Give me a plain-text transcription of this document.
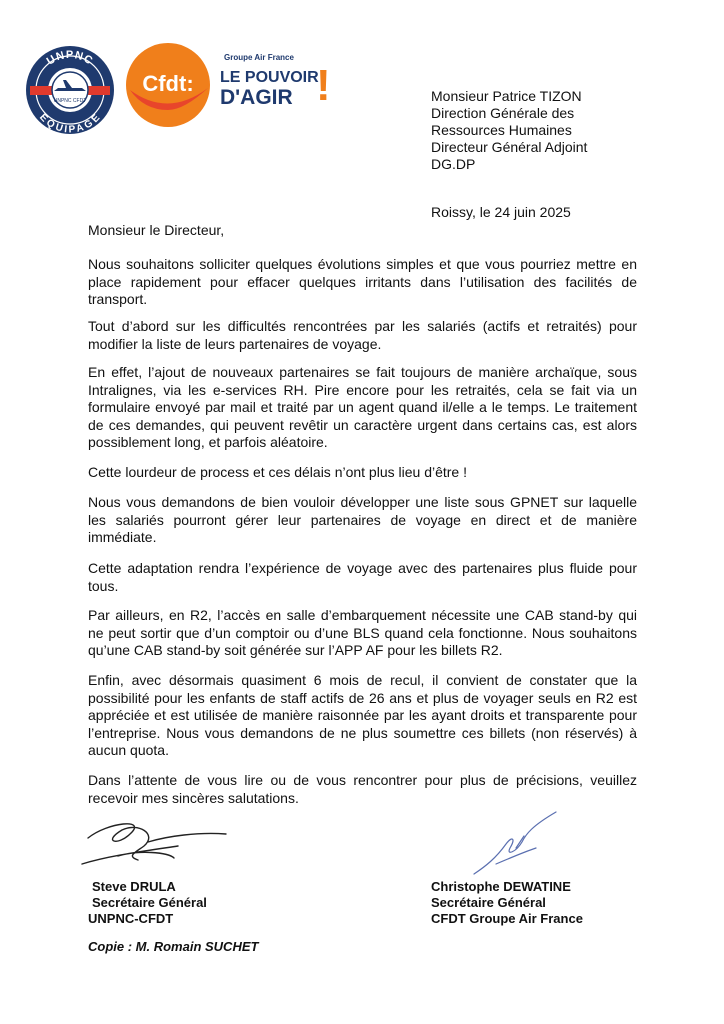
UNPNC
EQUIPAGE
UNPNC CFDT
Cfdt:
Groupe Air France
LE POUVOIR
D'AGIR !	Monsieur Patrice TIZON
Direction Générale des
Ressources Humaines
Directeur Général Adjoint
DG.DP
Roissy, le 24 juin 2025
Monsieur le Directeur,

Nous souhaitons solliciter quelques évolutions simples et que vous pourriez mettre en place rapidement pour effacer quelques irritants dans l’utilisation des facilités de transport.

Tout d’abord sur les difficultés rencontrées par les salariés (actifs et retraités) pour modifier la liste de leurs partenaires de voyage.

En effet, l’ajout de nouveaux partenaires se fait toujours de manière archaïque, sous Intralignes, via les e-services RH. Pire encore pour les retraités, cela se fait via un formulaire envoyé par mail et traité par un agent quand il/elle a le temps. Le traitement de ces demandes, qui peuvent revêtir un caractère urgent dans certains cas, est alors possiblement long, et parfois aléatoire.

Cette lourdeur de process et ces délais n’ont plus lieu d’être !

Nous vous demandons de bien vouloir développer une liste sous GPNET sur laquelle les salariés pourront gérer leur partenaires de voyage en direct et de manière immédiate.

Cette adaptation rendra l’expérience de voyage avec des partenaires plus fluide pour tous.

Par ailleurs, en R2, l’accès en salle d’embarquement nécessite une CAB stand-by qui ne peut sortir que d’un comptoir ou d’une BLS quand cela fonctionne. Nous souhaitons qu’une CAB stand-by soit générée sur l’APP AF pour les billets R2.

Enfin, avec désormais quasiment 6 mois de recul, il convient de constater que la possibilité pour les enfants de staff actifs de 26 ans et plus de voyager seuls en R2 est appréciée et est utilisée de manière raisonnée par les ayant droits et transparente pour l’entreprise. Nous vous demandons de ne plus soumettre ces billets (non réservés) à aucun quota.

Dans l’attente de vous lire ou de vous rencontrer pour plus de précisions, veuillez recevoir mes sincères salutations.

Steve DRULA
Secrétaire Général
UNPNC-CFDT
Christophe DEWATINE
Secrétaire Général
CFDT Groupe Air France
Copie : M. Romain SUCHET
